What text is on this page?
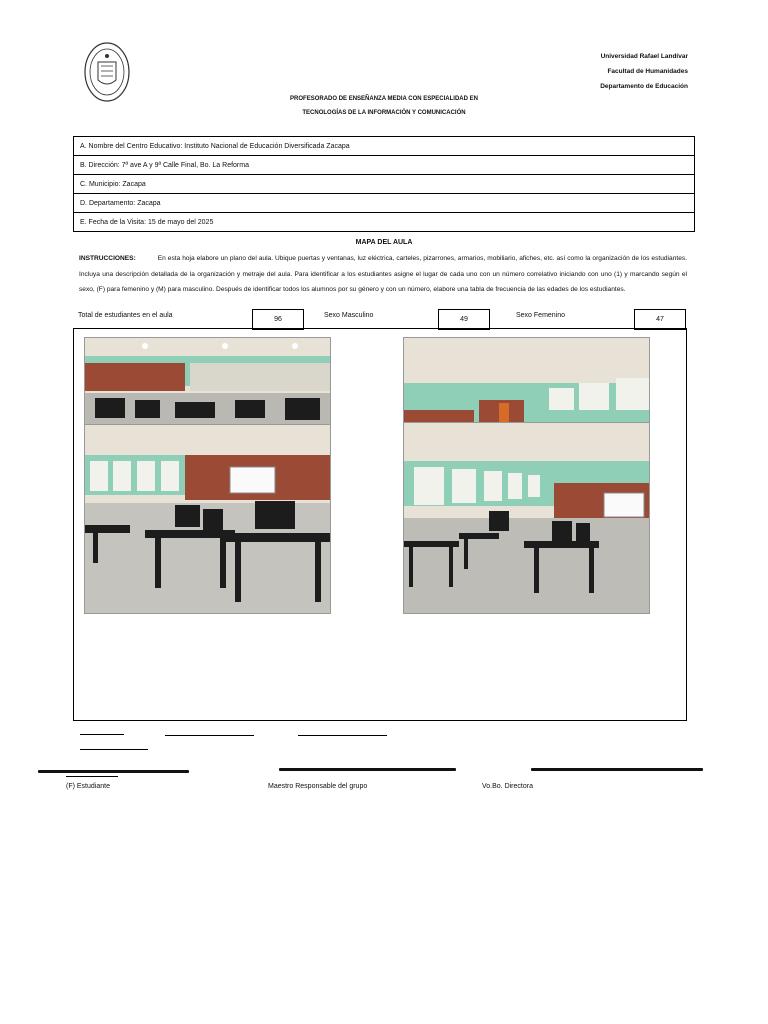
Universidad Rafael Landívar
Facultad de Humanidades
Departamento de Educación
PROFESORADO DE ENSEÑANZA MEDIA CON ESPECIALIDAD EN
TECNOLOGÍAS DE LA INFORMACIÓN Y COMUNICACIÓN
A. Nombre del Centro Educativo: Instituto Nacional de Educación Diversificada Zacapa
B. Dirección: 7ª ave A y 9ª Calle Final, Bo. La Reforma
C. Municipio: Zacapa
D. Departamento: Zacapa
E. Fecha de la Visita: 15 de mayo del 2025
MAPA DEL AULA
INSTRUCCIONES:	En esta hoja elabore un plano del aula. Ubique puertas y ventanas, luz eléctrica, carteles, pizarrones, armarios, mobiliario, afiches, etc. así como la organización de los estudiantes. Incluya una descripción detallada de la organización y metraje del aula. Para identificar a los estudiantes asigne el lugar de cada uno con un número correlativo iniciando con uno (1) y marcando según el sexo, (F) para femenino y (M) para masculino. Después de identificar todos los alumnos por su género y con un número, elabore una tabla de frecuencia de las edades de los estudiantes.
Total de estudiantes en el aula
96
Sexo Masculino
49
Sexo Femenino
47
(F) Estudiante	Maestro Responsable del grupo	Vo.Bo. Directora
